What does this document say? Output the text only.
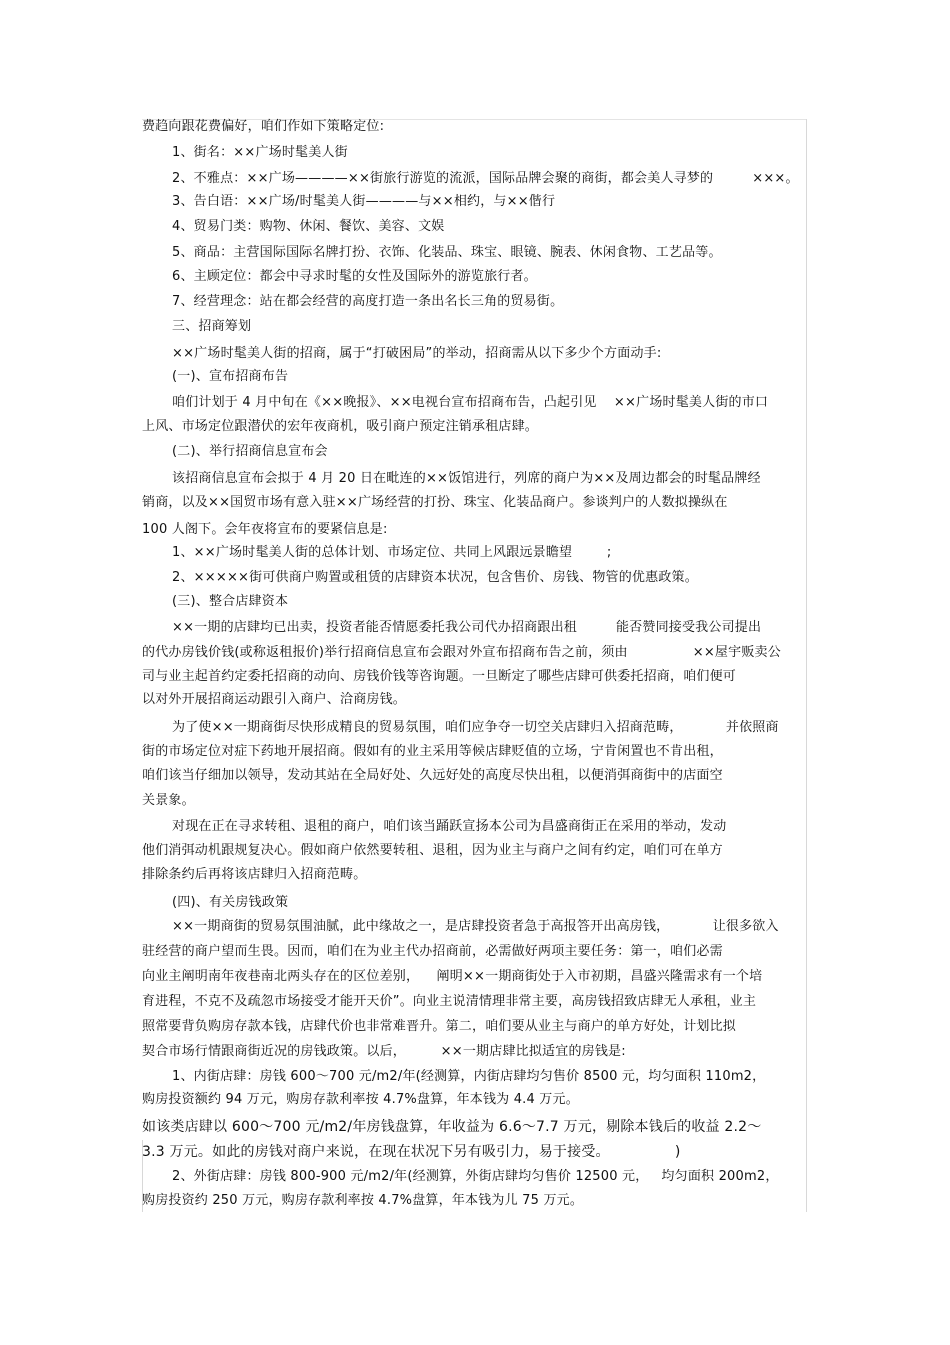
费趋向跟花费偏好，咱们作如下策略定位:
1、街名：××广场时髦美人街
2、不雅点：××广场————××街旅行游览的流派，国际品牌会聚的商街，都会美人寻梦的         ×××。
3、告白语：××广场/时髦美人街————与××相约，与××偕行
4、贸易门类：购物、休闲、餐饮、美容、文娱
5、商品：主营国际国际名牌打扮、衣饰、化装品、珠宝、眼镜、腕表、休闲食物、工艺品等。
6、主顾定位：都会中寻求时髦的女性及国际外的游览旅行者。
7、经营理念：站在都会经营的高度打造一条出名长三角的贸易街。
三、招商筹划
××广场时髦美人街的招商，属于“打破困局”的举动，招商需从以下多少个方面动手:
(一)、宣布招商布告
咱们计划于 4 月中旬在《××晚报》、××电视台宣布招商布告，凸起引见    ××广场时髦美人街的市口
上风、市场定位跟潜伏的宏年夜商机，吸引商户预定注销承租店肆。
(二)、举行招商信息宣布会
该招商信息宣布会拟于 4 月 20 日在毗连的××饭馆进行，列席的商户为××及周边都会的时髦品牌经
销商，以及××国贸市场有意入驻××广场经营的打扮、珠宝、化装品商户。参谈判户的人数拟操纵在
100 人阁下。会年夜将宣布的要紧信息是:
1、××广场时髦美人街的总体计划、市场定位、共同上风跟远景瞻望        ;
2、×××××街可供商户购置或租赁的店肆资本状况，包含售价、房钱、物管的优惠政策。
(三)、整合店肆资本
××一期的店肆均已出卖，投资者能否情愿委托我公司代办招商跟出租         能否赞同接受我公司提出
的代办房钱价钱(或称返租报价)举行招商信息宣布会跟对外宣布招商布告之前，须由               ××屋宇贩卖公
司与业主起首约定委托招商的动向、房钱价钱等咨询题。一旦断定了哪些店肆可供委托招商，咱们便可
以对外开展招商运动跟引入商户、洽商房钱。
为了使××一期商街尽快形成精良的贸易氛围，咱们应争夺一切空关店肆归入招商范畴，          并依照商
街的市场定位对症下药地开展招商。假如有的业主采用等候店肆贬值的立场，宁肯闲置也不肯出租，
咱们该当仔细加以领导，发动其站在全局好处、久远好处的高度尽快出租，以便消弭商街中的店面空
关景象。
对现在正在寻求转租、退租的商户，咱们该当踊跃宣扬本公司为昌盛商街正在采用的举动，发动
他们消弭动机跟规复决心。假如商户依然要转租、退租，因为业主与商户之间有约定，咱们可在单方
排除条约后再将该店肆归入招商范畴。
(四)、有关房钱政策
××一期商街的贸易氛围油腻，此中缘故之一，是店肆投资者急于高报答开出高房钱，          让很多欲入
驻经营的商户望而生畏。因而，咱们在为业主代办招商前，必需做好两项主要任务：第一，咱们必需
向业主阐明南年夜巷南北两头存在的区位差别，    阐明××一期商街处于入市初期，昌盛兴隆需求有一个培
育进程，不克不及疏忽市场接受才能开天价”。向业主说清情理非常主要，高房钱招致店肆无人承租，业主
照常要背负购房存款本钱，店肆代价也非常难晋升。第二，咱们要从业主与商户的单方好处，计划比拟
契合市场行情跟商街近况的房钱政策。以后，        ××一期店肆比拟适宜的房钱是:
1、内街店肆：房钱 600～700 元/m2/年(经测算，内街店肆均匀售价 8500 元，均匀面积 110m2，
购房投资额约 94 万元，购房存款利率按 4.7%盘算，年本钱为 4.4 万元。
如该类店肆以 600～700 元/m2/年房钱盘算，年收益为 6.6～7.7 万元，剔除本钱后的收益 2.2～
3.3 万元。如此的房钱对商户来说，在现在状况下另有吸引力，易于接受。              )
2、外街店肆：房钱 800-900 元/m2/年(经测算，外街店肆均匀售价 12500 元，   均匀面积 200m2，
购房投资约 250 万元，购房存款利率按 4.7%盘算，年本钱为儿 75 万元。
